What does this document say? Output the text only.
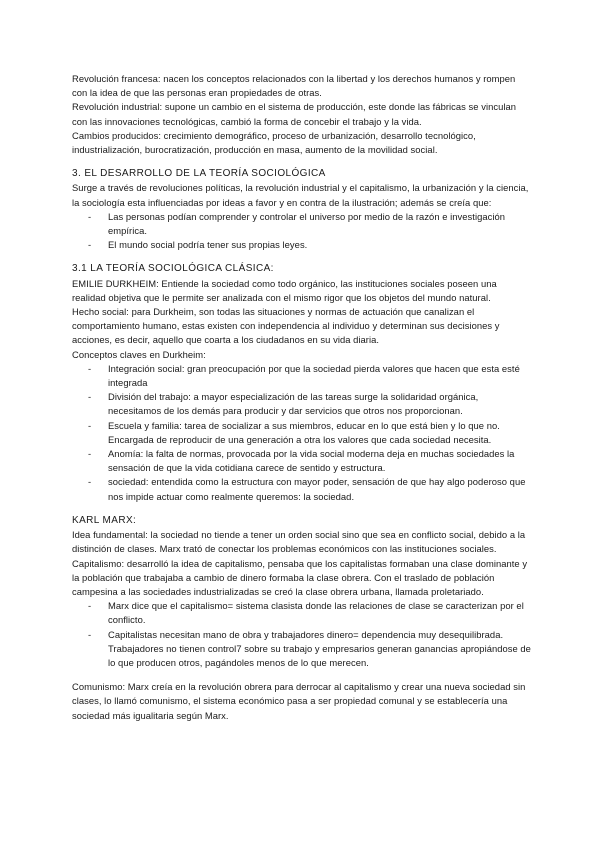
Revolución francesa: nacen los conceptos relacionados con la libertad y los derechos humanos y rompen con la idea de que las personas eran propiedades de otras.

Revolución industrial: supone un cambio en el sistema de producción, este donde las fábricas se vinculan con las innovaciones tecnológicas, cambió la forma de concebir el trabajo y la vida.

Cambios producidos: crecimiento demográfico, proceso de urbanización, desarrollo tecnológico, industrialización, burocratización, producción en masa, aumento de la movilidad social.

3. EL DESARROLLO DE LA TEORÍA SOCIOLÓGICA

Surge a través de revoluciones políticas, la revolución industrial y el capitalismo, la urbanización y la ciencia, la sociología esta influenciadas por ideas a favor y en contra de la ilustración; además se creía que:

- Las personas podían comprender y controlar el universo por medio de la razón e investigación empírica.
- El mundo social podría tener sus propias leyes.
3.1 LA TEORÍA SOCIOLÓGICA CLÁSICA:

EMILIE DURKHEIM: Entiende la sociedad como todo orgánico, las instituciones sociales poseen una realidad objetiva que le permite ser analizada con el mismo rigor que los objetos del mundo natural.

Hecho social: para Durkheim, son todas las situaciones y normas de actuación que canalizan el comportamiento humano, estas existen con independencia al individuo y determinan sus decisiones y acciones, es decir, aquello que coarta a los ciudadanos en su vida diaria.

Conceptos claves en Durkheim:

- Integración social: gran preocupación por que la sociedad pierda valores que hacen que esta esté integrada
- División del trabajo: a mayor especialización de las tareas surge la solidaridad orgánica, necesitamos de los demás para producir y dar servicios que otros nos proporcionan.
- Escuela y familia: tarea de socializar a sus miembros, educar en lo que está bien y lo que no. Encargada de reproducir de una generación a otra los valores que cada sociedad necesita.
- Anomía: la falta de normas, provocada por la vida social moderna deja en muchas sociedades la sensación de que la vida cotidiana carece de sentido y estructura.
- sociedad: entendida como la estructura con mayor poder, sensación de que hay algo poderoso que nos impide actuar como realmente queremos: la sociedad.
KARL MARX:

Idea fundamental: la sociedad no tiende a tener un orden social sino que sea en conflicto social, debido a la distinción de clases. Marx trató de conectar los problemas económicos con las instituciones sociales.

Capitalismo: desarrolló la idea de capitalismo, pensaba que los capitalistas formaban una clase dominante y la población que trabajaba a cambio de dinero formaba la clase obrera. Con el traslado de población campesina a las sociedades industrializadas se creó la clase obrera urbana, llamada proletariado.

- Marx dice que el capitalismo= sistema clasista donde las relaciones de clase se caracterizan por el conflicto.
- Capitalistas necesitan mano de obra y trabajadores dinero= dependencia muy desequilibrada. Trabajadores no tienen control7 sobre su trabajo y empresarios generan ganancias apropiándose de lo que producen otros, pagándoles menos de lo que merecen.

Comunismo: Marx creía en la revolución obrera para derrocar al capitalismo y crear una nueva sociedad sin clases, lo llamó comunismo, el sistema económico pasa a ser propiedad comunal y se establecería una sociedad más igualitaria según Marx.
